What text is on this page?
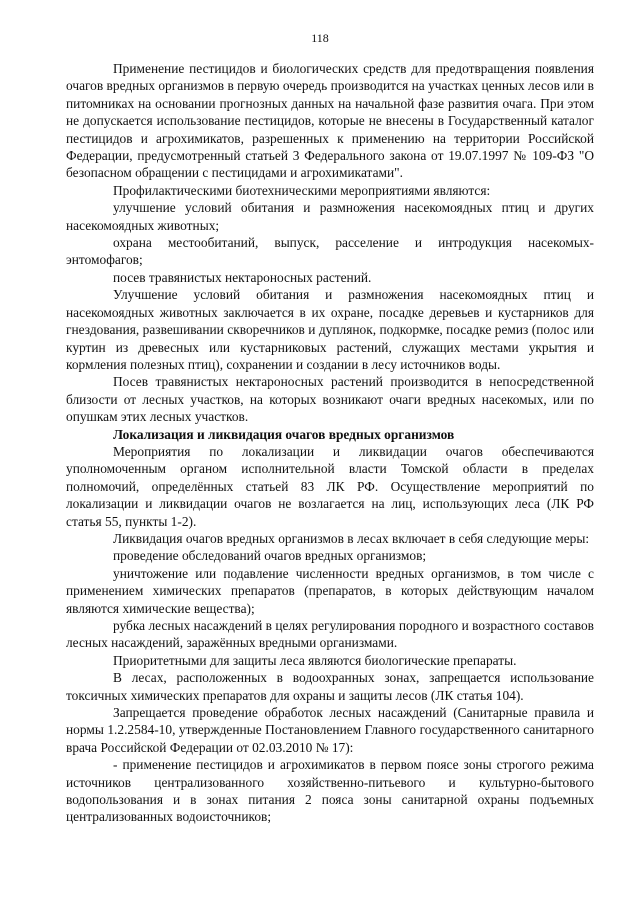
118

Применение пестицидов и биологических средств для предотвращения появления очагов вредных организмов в первую очередь производится на участках ценных лесов или в питомниках на основании прогнозных данных на начальной фазе развития очага. При этом не допускается использование пестицидов, которые не внесены в Государственный каталог пестицидов и агрохимикатов, разрешенных к применению на территории Российской Федерации, предусмотренный статьей 3 Федерального закона от 19.07.1997 № 109-ФЗ "О безопасном обращении с пестицидами и агрохимикатами".

Профилактическими биотехническими мероприятиями являются:

улучшение условий обитания и размножения насекомоядных птиц и других насекомоядных животных;

охрана местообитаний, выпуск, расселение и интродукция насекомых-энтомофагов;

посев травянистых нектароносных растений.

Улучшение условий обитания и размножения насекомоядных птиц и насекомоядных животных заключается в их охране, посадке деревьев и кустарников для гнездования, развешивании скворечников и дуплянок, подкормке, посадке ремиз (полос или куртин из древесных или кустарниковых растений, служащих местами укрытия и кормления полезных птиц), сохранении и создании в лесу источников воды.

Посев травянистых нектароносных растений производится в непосредственной близости от лесных участков, на которых возникают очаги вредных насекомых, или по опушкам этих лесных участков.

Локализация и ликвидация очагов вредных организмов

Мероприятия по локализации и ликвидации очагов обеспечиваются уполномоченным органом исполнительной власти Томской области в пределах полномочий, определённых статьей 83 ЛК РФ. Осуществление мероприятий по локализации и ликвидации очагов не возлагается на лиц, использующих леса (ЛК РФ статья 55, пункты 1-2).

Ликвидация очагов вредных организмов в лесах включает в себя следующие меры:

проведение обследований очагов вредных организмов;

уничтожение или подавление численности вредных организмов, в том числе с применением химических препаратов (препаратов, в которых действующим началом являются химические вещества);

рубка лесных насаждений в целях регулирования породного и возрастного составов лесных насаждений, заражённых вредными организмами.

Приоритетными для защиты леса являются биологические препараты.

В лесах, расположенных в водоохранных зонах, запрещается использование токсичных химических препаратов для охраны и защиты лесов (ЛК статья 104).

Запрещается проведение обработок лесных насаждений (Санитарные правила и нормы 1.2.2584-10, утвержденные Постановлением Главного государственного санитарного врача Российской Федерации от 02.03.2010 № 17):

- применение пестицидов и агрохимикатов в первом поясе зоны строгого режима источников централизованного хозяйственно-питьевого и культурно-бытового водопользования и в зонах питания 2 пояса зоны санитарной охраны подъемных централизованных водоисточников;
